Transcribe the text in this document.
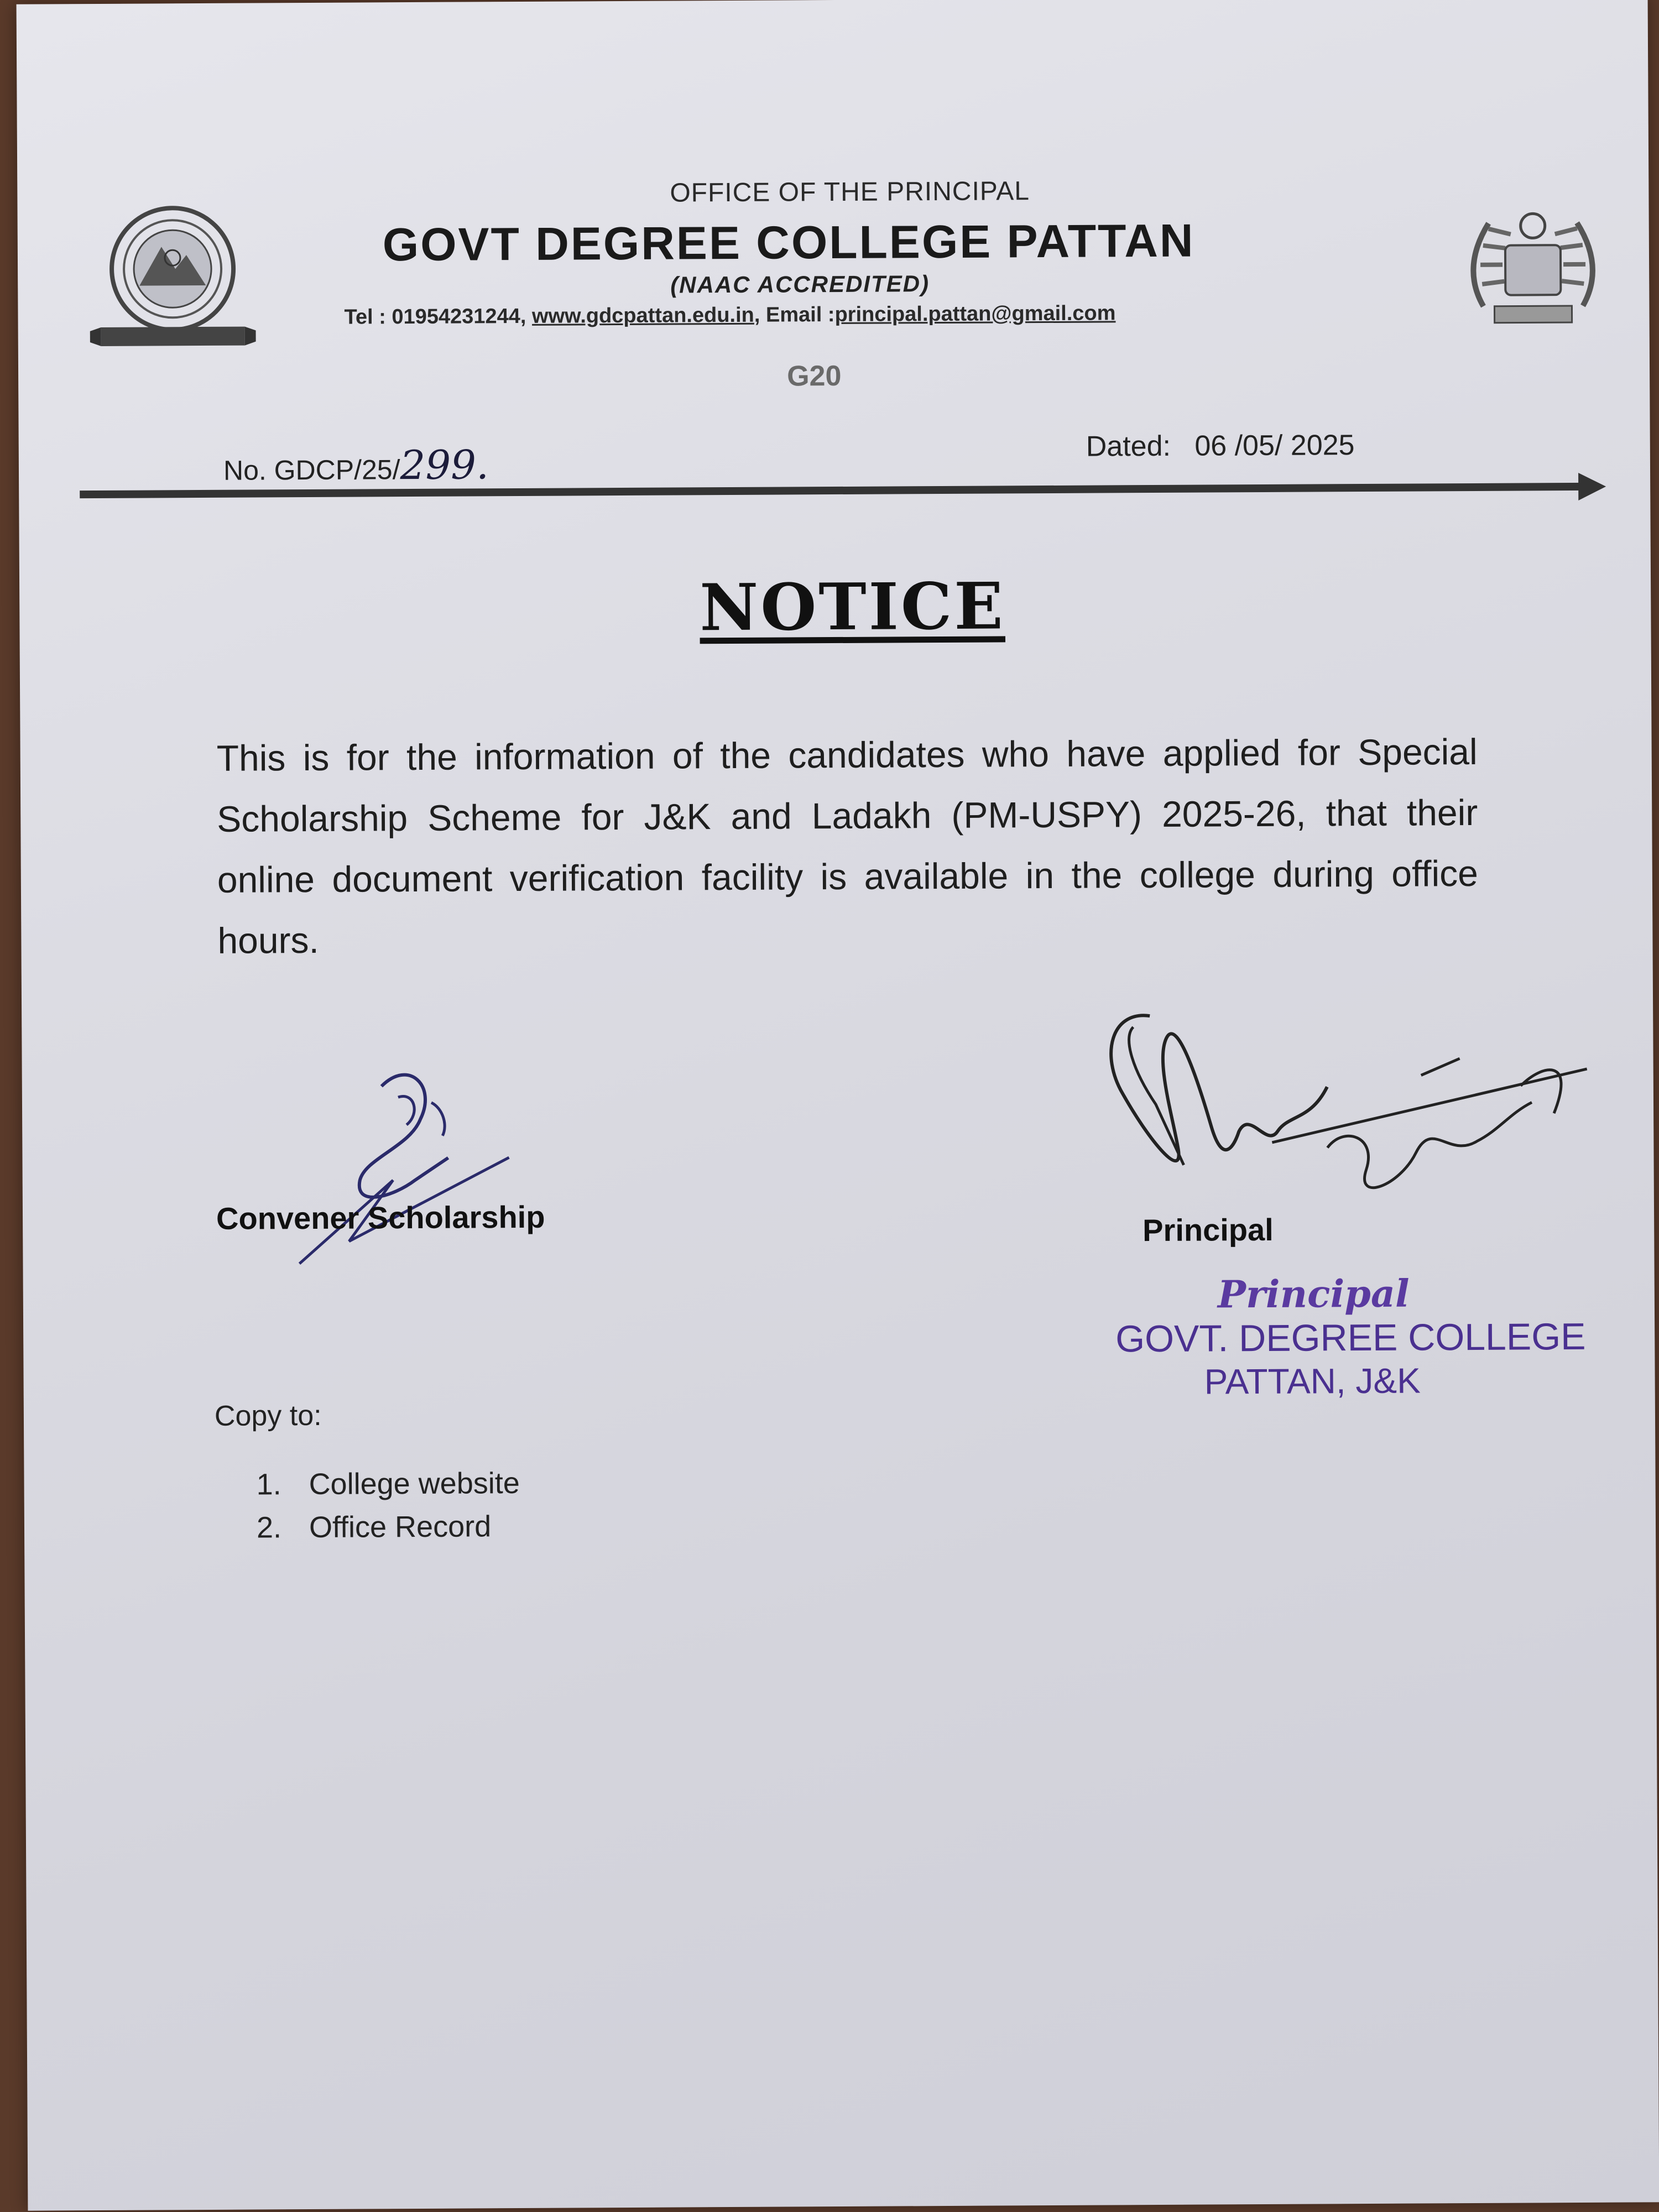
OFFICE OF THE PRINCIPAL
GOVT DEGREE COLLEGE PATTAN
(NAAC ACCREDITED)
Tel : 01954231244, www.gdcpattan.edu.in, Email :principal.pattan@gmail.com
G20
No. GDCP/25/299.	Dated: 06 /05/ 2025
NOTICE
This is for the information of the candidates who have applied for Special Scholarship Scheme for J&K and Ladakh (PM-USPY) 2025-26, that their online document verification facility is available in the college during office hours.
Convener Scholarship	Principal
Principal
GOVT. DEGREE COLLEGE
PATTAN, J&K
Copy to:
1. College website
2. Office Record
